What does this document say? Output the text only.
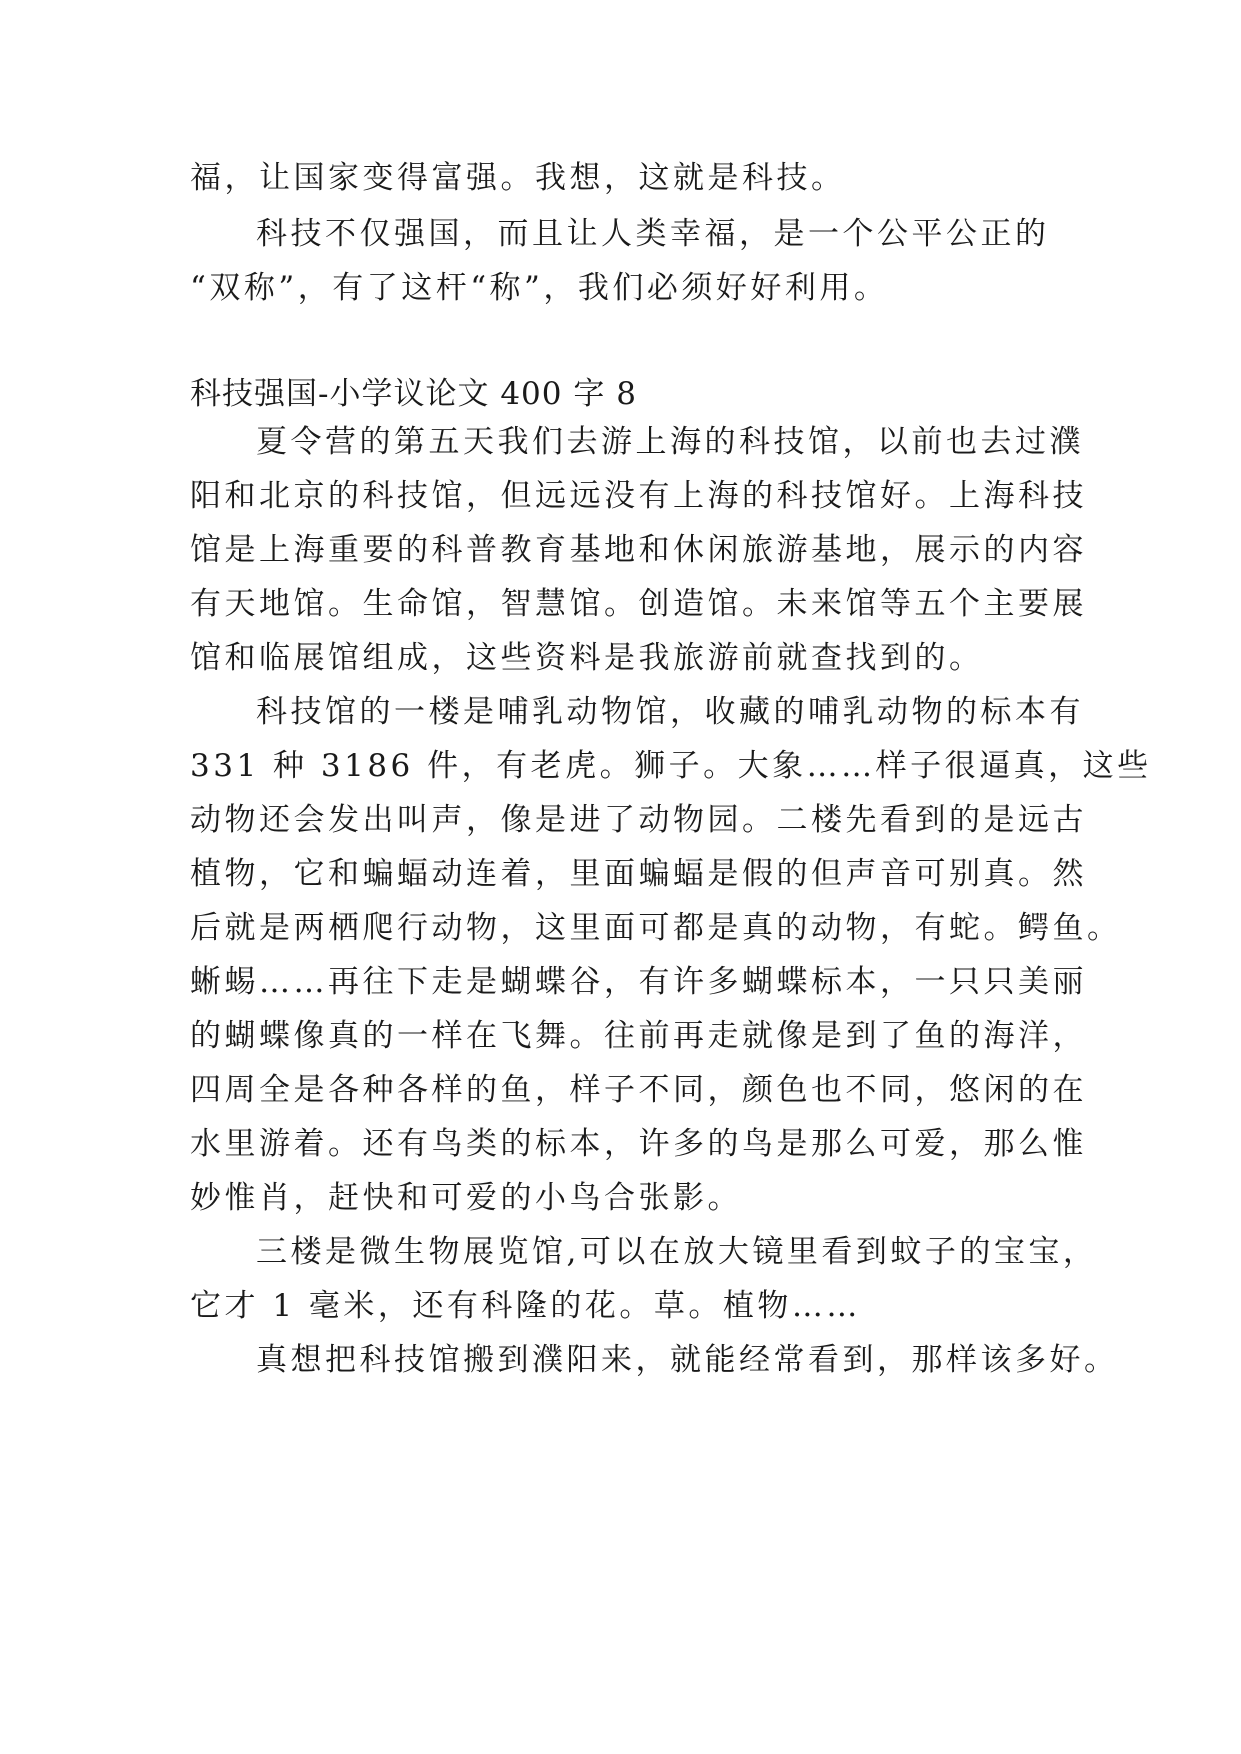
福，让国家变得富强。我想，这就是科技。
科技不仅强国，而且让人类幸福，是一个公平公正的
“双称”，有了这杆“称”，我们必须好好利用。
科技强国-小学议论文 400 字 8
夏令营的第五天我们去游上海的科技馆，以前也去过濮
阳和北京的科技馆，但远远没有上海的科技馆好。上海科技
馆是上海重要的科普教育基地和休闲旅游基地，展示的内容
有天地馆。生命馆，智慧馆。创造馆。未来馆等五个主要展
馆和临展馆组成，这些资料是我旅游前就查找到的。
科技馆的一楼是哺乳动物馆，收藏的哺乳动物的标本有
331 种 3186 件，有老虎。狮子。大象……样子很逼真，这些
动物还会发出叫声，像是进了动物园。二楼先看到的是远古
植物，它和蝙蝠动连着，里面蝙蝠是假的但声音可别真。然
后就是两栖爬行动物，这里面可都是真的动物，有蛇。鳄鱼。
蜥蜴……再往下走是蝴蝶谷，有许多蝴蝶标本，一只只美丽
的蝴蝶像真的一样在飞舞。往前再走就像是到了鱼的海洋，
四周全是各种各样的鱼，样子不同，颜色也不同，悠闲的在
水里游着。还有鸟类的标本，许多的鸟是那么可爱，那么惟
妙惟肖，赶快和可爱的小鸟合张影。
三楼是微生物展览馆,可以在放大镜里看到蚊子的宝宝，
它才 1 毫米，还有科隆的花。草。植物……
真想把科技馆搬到濮阳来，就能经常看到，那样该多好。
